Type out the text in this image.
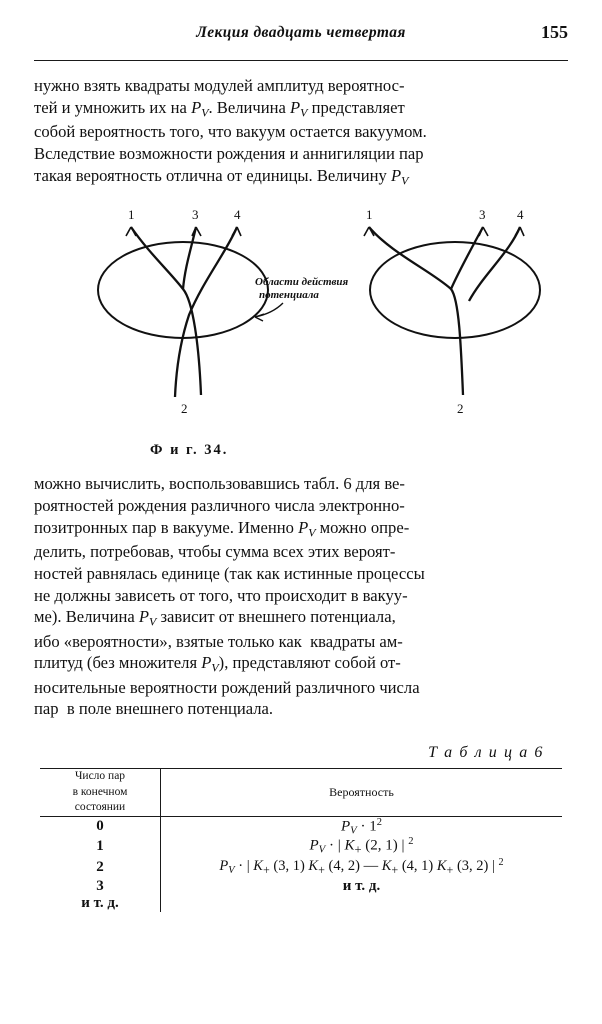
Лекция двадцать четвертая	155

нужно взять квадраты модулей амплитуд вероятнос-

тей и умножить их на $P_V$. Величина $P_V$ представляет

собой вероятность того, что вакуум остается вакуумом.

Вследствие возможности рождения и аннигиляции пар

такая вероятность отлична от единицы. Величину $P_V$

1	3	4
2
Области действия
потенциала
1	3 4
2
Ф и г. 34.

можно вычислить, воспользовавшись табл. 6 для ве-

роятностей рождения различного числа электронно-

позитронных пар в вакууме. Именно $P_V$ можно опре-

делить, потребовав, чтобы сумма всех этих вероят-

ностей равнялась единице (так как истинные процессы

не должны зависеть от того, что происходит в вакуу-

ме). Величина $P_V$ зависит от внешнего потенциала,

ибо «вероятности», взятые только как  квадраты ам-

плитуд (без множителя $P_V$), представляют собой от-

носительные вероятности рождений различного числа

пар  в поле внешнего потенциала.

Т а б л и ц а 6
Число пар
в конечном
состоянии	Вероятность
0	$P_V \cdot 1^2$
1	$P_V$ · | $K_+$ (2, 1) | $^2$
2	$P_V$ · | $K_+$ (3, 1) $K_+$ (4, 2) — $K_+$ (4, 1) $K_+$ (3, 2) | $^2$
3	и т. д.
и т. д.	
